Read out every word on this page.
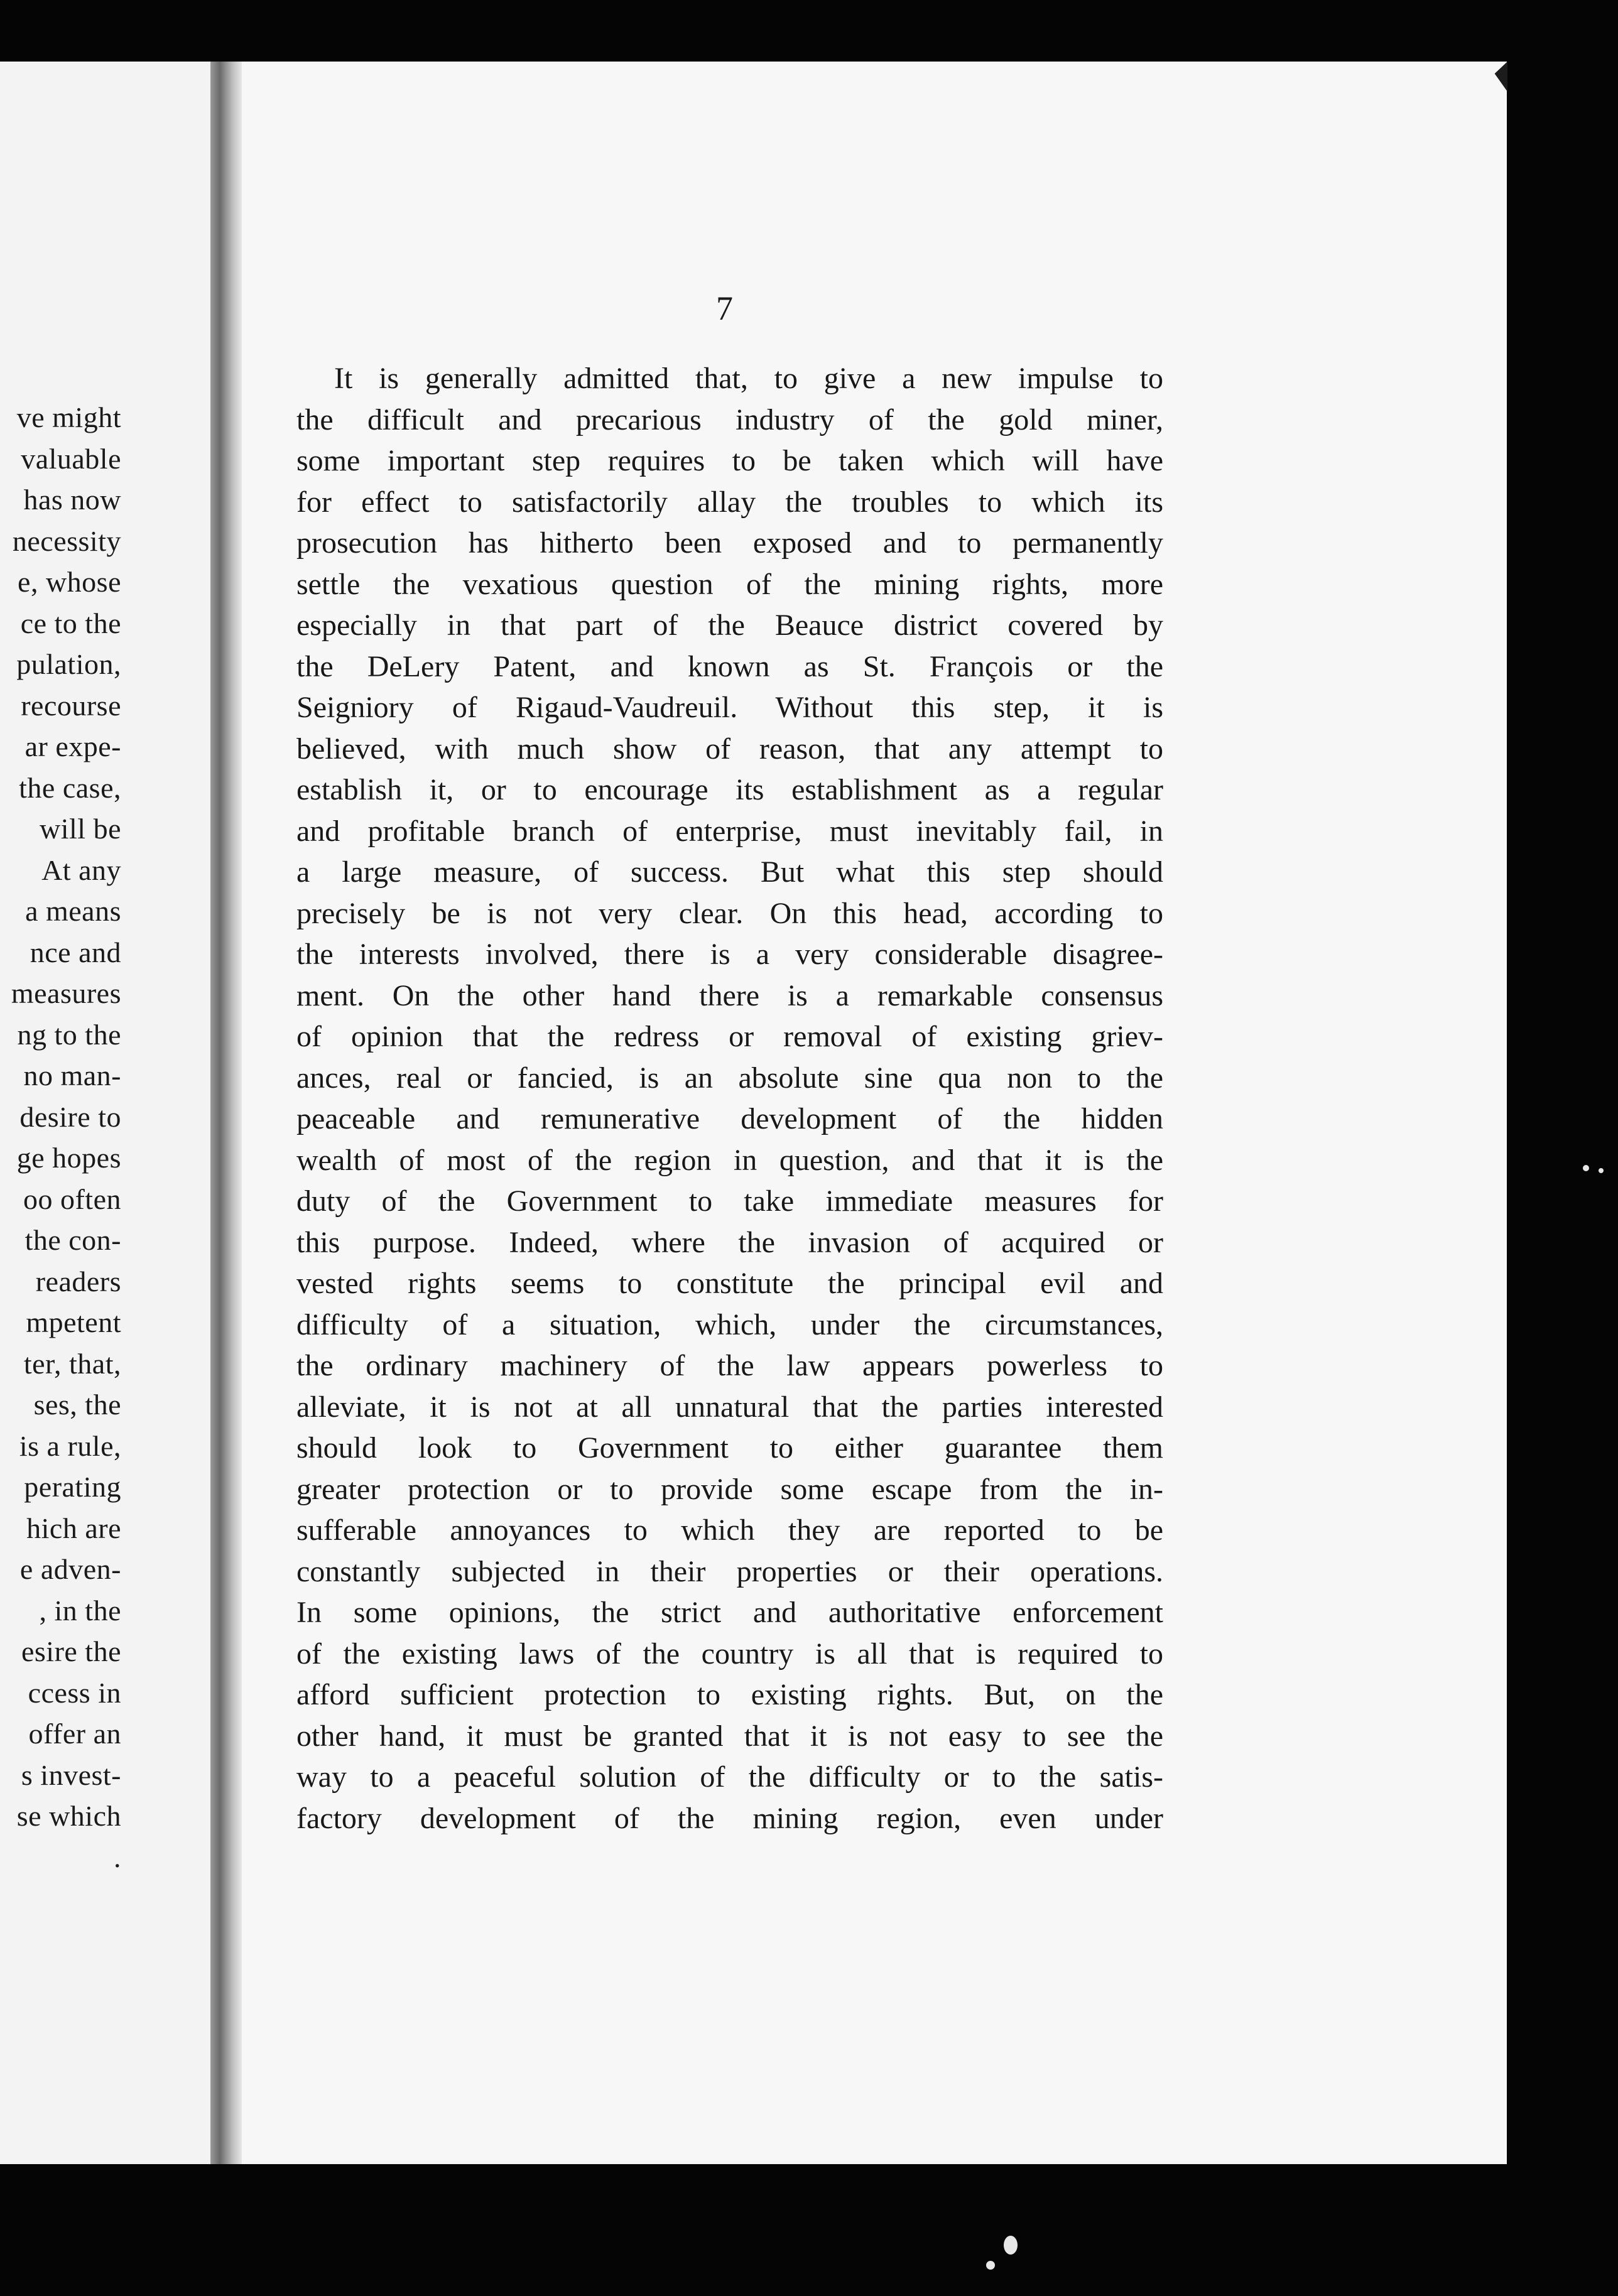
ve might
valuable
has now
necessity
e, whose
ce to the
pulation,
recourse
ar expe-
the case,
will be
At any
a means
nce and
measures
ng to the
no man-
desire to
ge hopes
oo often
the con-
readers
mpetent
ter, that,
ses, the
is a rule,
perating
hich are
e adven-
, in the
esire the
ccess in
offer an
s invest-
se which
.
7
It is generally admitted that, to give a new impulse to
the difficult and precarious industry of the gold miner,
some important step requires to be taken which will have
for effect to satisfactorily allay the troubles to which its
prosecution has hitherto been exposed and to permanently
settle the vexatious question of the mining rights, more
especially in that part of the Beauce district covered by
the DeLery Patent, and known as St. François or the
Seigniory of Rigaud-Vaudreuil. Without this step, it is
believed, with much show of reason, that any attempt to
establish it, or to encourage its establishment as a regular
and profitable branch of enterprise, must inevitably fail, in
a large measure, of success. But what this step should
precisely be is not very clear. On this head, according to
the interests involved, there is a very considerable disagree-
ment. On the other hand there is a remarkable consensus
of opinion that the redress or removal of existing griev-
ances, real or fancied, is an absolute sine qua non to the
peaceable and remunerative development of the hidden
wealth of most of the region in question, and that it is the
duty of the Government to take immediate measures for
this purpose. Indeed, where the invasion of acquired or
vested rights seems to constitute the principal evil and
difficulty of a situation, which, under the circumstances,
the ordinary machinery of the law appears powerless to
alleviate, it is not at all unnatural that the parties interested
should look to Government to either guarantee them
greater protection or to provide some escape from the in-
sufferable annoyances to which they are reported to be
constantly subjected in their properties or their operations.
In some opinions, the strict and authoritative enforcement
of the existing laws of the country is all that is required to
afford sufficient protection to existing rights. But, on the
other hand, it must be granted that it is not easy to see the
way to a peaceful solution of the difficulty or to the satis-
factory development of the mining region, even under
